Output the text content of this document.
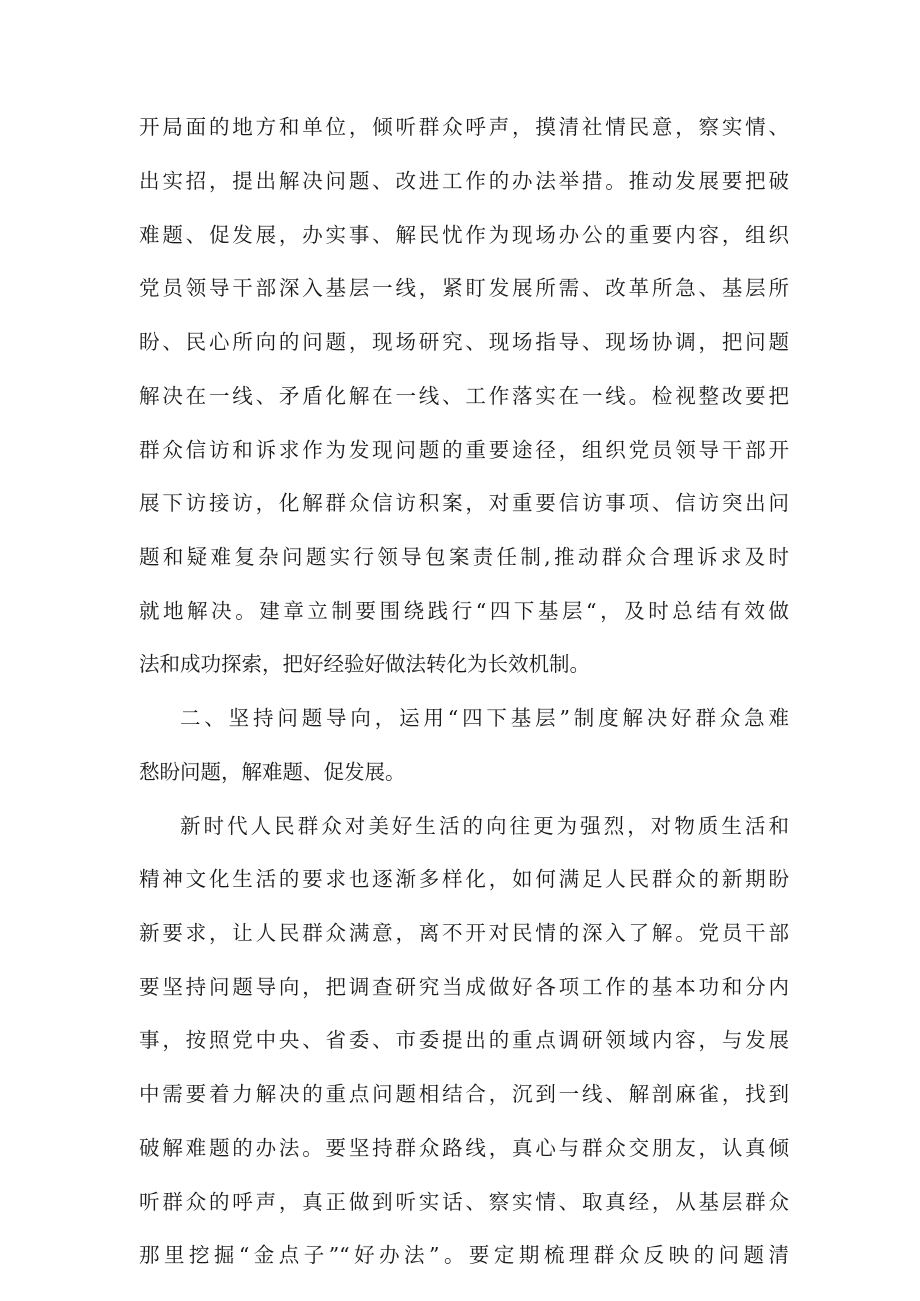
开局面的地方和单位，倾听群众呼声，摸清社情民意，察实情、
出实招，提出解决问题、改进工作的办法举措。推动发展要把破
难题、促发展，办实事、解民忧作为现场办公的重要内容，组织
党员领导干部深入基层一线，紧盯发展所需、改革所急、基层所
盼、民心所向的问题，现场研究、现场指导、现场协调，把问题
解决在一线、矛盾化解在一线、工作落实在一线。检视整改要把
群众信访和诉求作为发现问题的重要途径，组织党员领导干部开
展下访接访，化解群众信访积案，对重要信访事项、信访突出问
题和疑难复杂问题实行领导包案责任制,推动群众合理诉求及时
就地解决。建章立制要围绕践行“四下基层“，及时总结有效做
法和成功探索，把好经验好做法转化为长效机制。
二、坚持问题导向，运用“四下基层”制度解决好群众急难
愁盼问题，解难题、促发展。
新时代人民群众对美好生活的向往更为强烈，对物质生活和
精神文化生活的要求也逐渐多样化，如何满足人民群众的新期盼
新要求，让人民群众满意，离不开对民情的深入了解。党员干部
要坚持问题导向，把调查研究当成做好各项工作的基本功和分内
事，按照党中央、省委、市委提出的重点调研领域内容，与发展
中需要着力解决的重点问题相结合，沉到一线、解剖麻雀，找到
破解难题的办法。要坚持群众路线，真心与群众交朋友，认真倾
听群众的呼声，真正做到听实话、察实情、取真经，从基层群众
那里挖掘“金点子”“好办法”。要定期梳理群众反映的问题清
